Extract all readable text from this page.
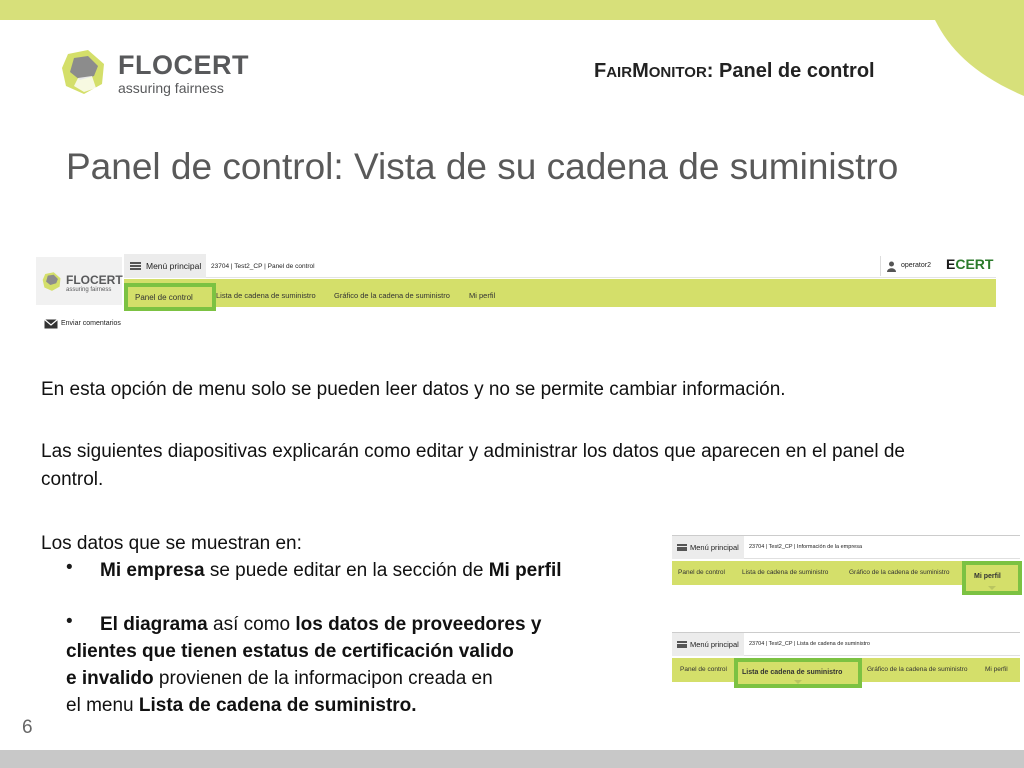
FLOCERT
assuring fairness
FAIRMONITOR: Panel de control
Panel de control: Vista de su cadena de suministro
FLOCERT
assuring fairness
Menú principal 23704 | Test2_CP | Panel de control	operator2 ECERT
Panel de control	Lista de cadena de suministro Gráfico de la cadena de suministro	Mi perfil
Enviar comentarios
En esta opción de menu solo se pueden leer datos y no se permite cambiar información.
Las siguientes diapositivas explicarán como editar y administrar los datos que aparecen en el panel de control.
Los datos que se muestran en:
• Mi empresa se puede editar en la sección de Mi perfil
• El diagrama así como los datos de proveedores y
clientes que tienen estatus de certificación valido
e invalido provienen de la informacipon creada en
el menu Lista de cadena de suministro.
Menú principal 23704 | Test2_CP | Información de la empresa
Panel de control	Lista de cadena de suministro	Gráfico de la cadena de suministro
Mi perfil
Menú principal 23704 | Test2_CP | Lista de cadena de suministro
Panel de control Lista de cadena de suministro	Gráfico de la cadena de suministro	Mi perfil
6
